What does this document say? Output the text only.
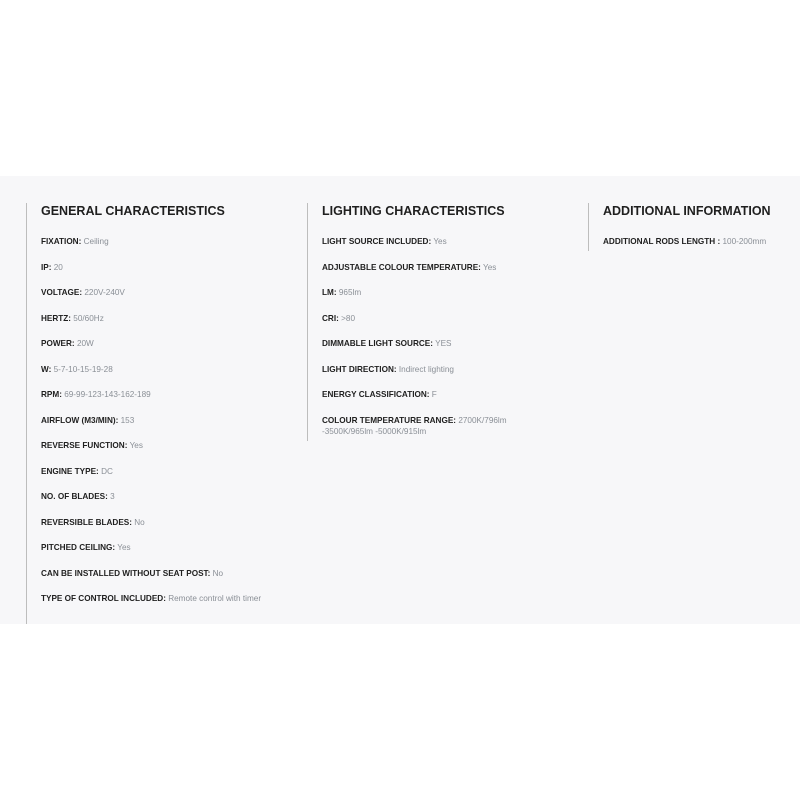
GENERAL CHARACTERISTICS
FIXATION: Ceiling
IP: 20
VOLTAGE: 220V-240V
HERTZ: 50/60Hz
POWER: 20W
W: 5-7-10-15-19-28
RPM: 69-99-123-143-162-189
AIRFLOW (M3/MIN): 153
REVERSE FUNCTION: Yes
ENGINE TYPE: DC
NO. OF BLADES: 3
REVERSIBLE BLADES: No
PITCHED CEILING: Yes
CAN BE INSTALLED WITHOUT SEAT POST: No
TYPE OF CONTROL INCLUDED: Remote control with timer
LIGHTING CHARACTERISTICS
LIGHT SOURCE INCLUDED: Yes
ADJUSTABLE COLOUR TEMPERATURE: Yes
LM: 965lm
CRI: >80
DIMMABLE LIGHT SOURCE: YES
LIGHT DIRECTION: Indirect lighting
ENERGY CLASSIFICATION: F
COLOUR TEMPERATURE RANGE: 2700K/796lm -3500K/965lm -5000K/915lm
ADDITIONAL INFORMATION
ADDITIONAL RODS LENGTH : 100-200mm
